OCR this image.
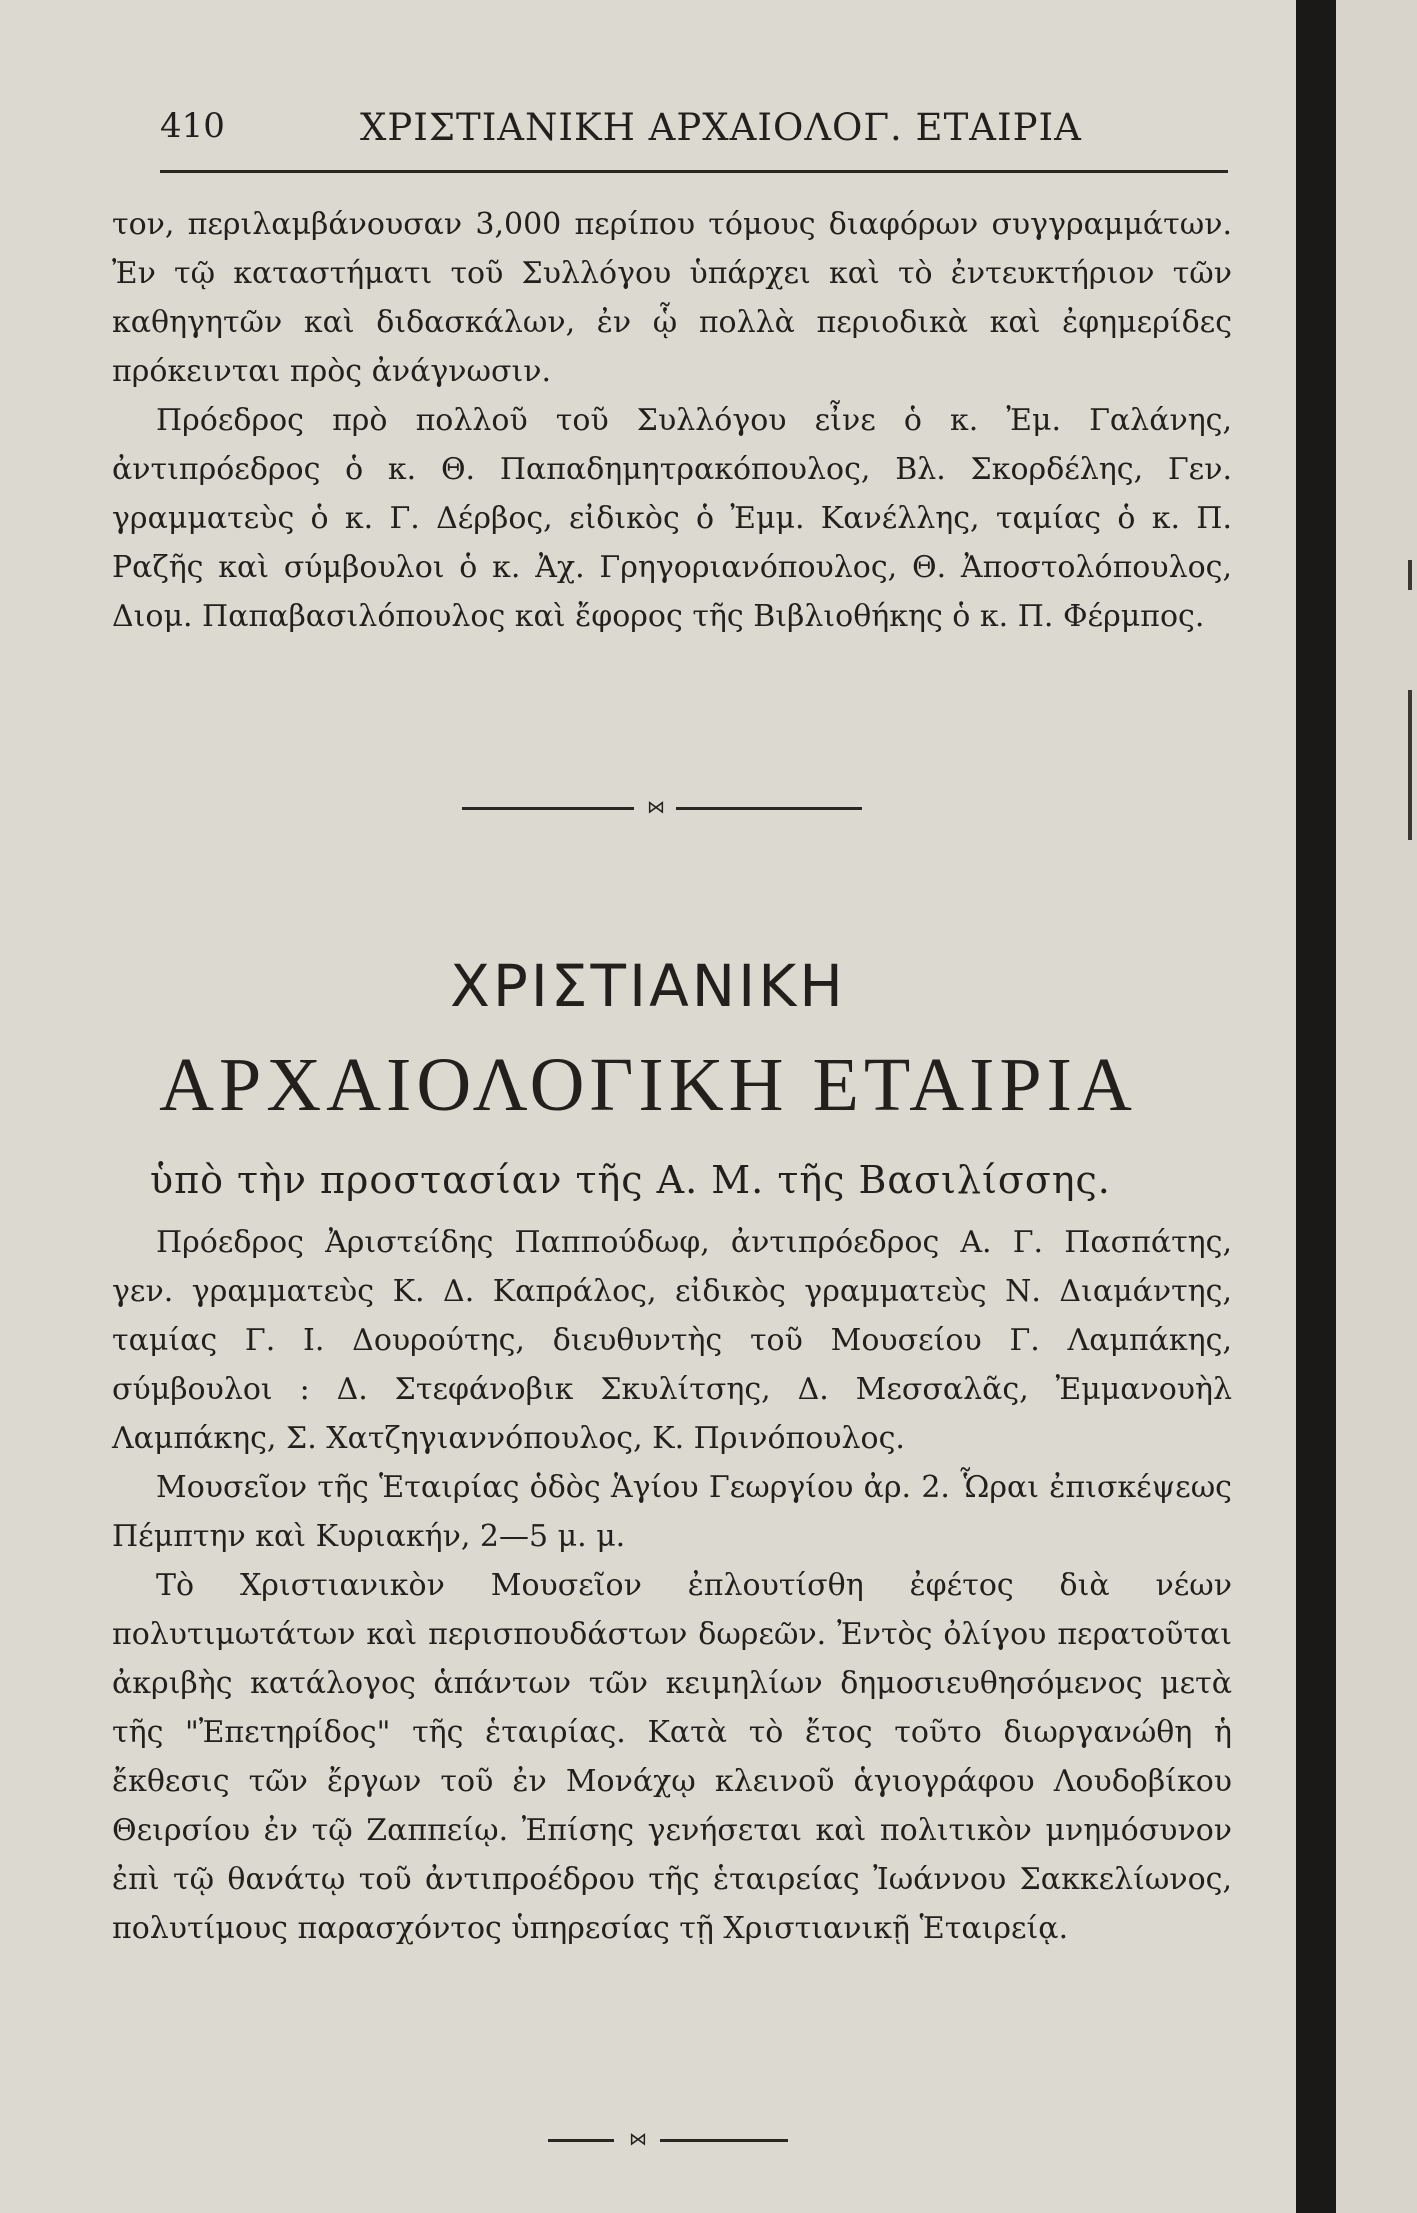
410	ΧΡΙΣΤΙΑΝΙΚΗ ΑΡΧΑΙΟΛΟΓ. ΕΤΑΙΡΙΑ

τον, περιλαμβάνουσαν 3,000 περίπου τόμους διαφόρων συγγραμμάτων. Ἐν τῷ καταστήματι τοῦ Συλλόγου ὑπάρχει καὶ τὸ ἐντευκτήριον τῶν καθηγητῶν καὶ διδασκάλων, ἐν ᾧ πολλὰ περιοδικὰ καὶ ἐφημερίδες πρόκεινται πρὸς ἀνάγνωσιν.

Πρόεδρος πρὸ πολλοῦ τοῦ Συλλόγου εἶνε ὁ κ. Ἐμ. Γαλάνης, ἀντιπρόεδρος ὁ κ. Θ. Παπαδημητρακόπουλος, Βλ. Σκορδέλης, Γεν. γραμματεὺς ὁ κ. Γ. Δέρβος, εἰδικὸς ὁ Ἐμμ. Κανέλλης, ταμίας ὁ κ. Π. Ραζῆς καὶ σύμβουλοι ὁ κ. Ἀχ. Γρηγοριανόπουλος, Θ. Ἀποστολόπουλος, Διομ. Παπαβασιλόπουλος καὶ ἔφορος τῆς Βιβλιοθήκης ὁ κ. Π. Φέρμπος.

⋈
ΧΡΙΣΤΙΑΝΙΚΗ
ΑΡΧΑΙΟΛΟΓΙΚΗ ΕΤΑΙΡΙΑ
ὑπὸ τὴν προστασίαν τῆς Α. Μ. τῆς Βασιλίσσης.

Πρόεδρος Ἀριστείδης Παππούδωφ, ἀντιπρόεδρος Α. Γ. Πασπάτης, γεν. γραμματεὺς Κ. Δ. Καπράλος, εἰδικὸς γραμματεὺς Ν. Διαμάντης, ταμίας Γ. Ι. Δουρούτης, διευθυντὴς τοῦ Μουσείου Γ. Λαμπάκης, σύμβουλοι : Δ. Στεφάνοβικ Σκυλίτσης, Δ. Μεσσαλᾶς, Ἐμμανουὴλ Λαμπάκης, Σ. Χατζηγιαννόπουλος, Κ. Πρινόπουλος.

Μουσεῖον τῆς Ἑταιρίας ὁδὸς Ἁγίου Γεωργίου ἀρ. 2. Ὧραι ἐπισκέψεως Πέμπτην καὶ Κυριακήν, 2—5 μ. μ.

Τὸ Χριστιανικὸν Μουσεῖον ἐπλουτίσθη ἐφέτος διὰ νέων πολυτιμωτάτων καὶ περισπουδάστων δωρεῶν. Ἐντὸς ὀλίγου περατοῦται ἀκριβὴς κατάλογος ἁπάντων τῶν κειμηλίων δημοσιευθησόμενος μετὰ τῆς "Ἐπετηρίδος" τῆς ἑταιρίας. Κατὰ τὸ ἔτος τοῦτο διωργανώθη ἡ ἔκθεσις τῶν ἔργων τοῦ ἐν Μονάχῳ κλεινοῦ ἁγιογράφου Λουδοβίκου Θειρσίου ἐν τῷ Ζαππείῳ. Ἐπίσης γενήσεται καὶ πολιτικὸν μνημόσυνον ἐπὶ τῷ θανάτῳ τοῦ ἀντιπροέδρου τῆς ἑταιρείας Ἰωάννου Σακκελίωνος, πολυτίμους παρασχόντος ὑπηρεσίας τῇ Χριστιανικῇ Ἑταιρείᾳ.

⋈
